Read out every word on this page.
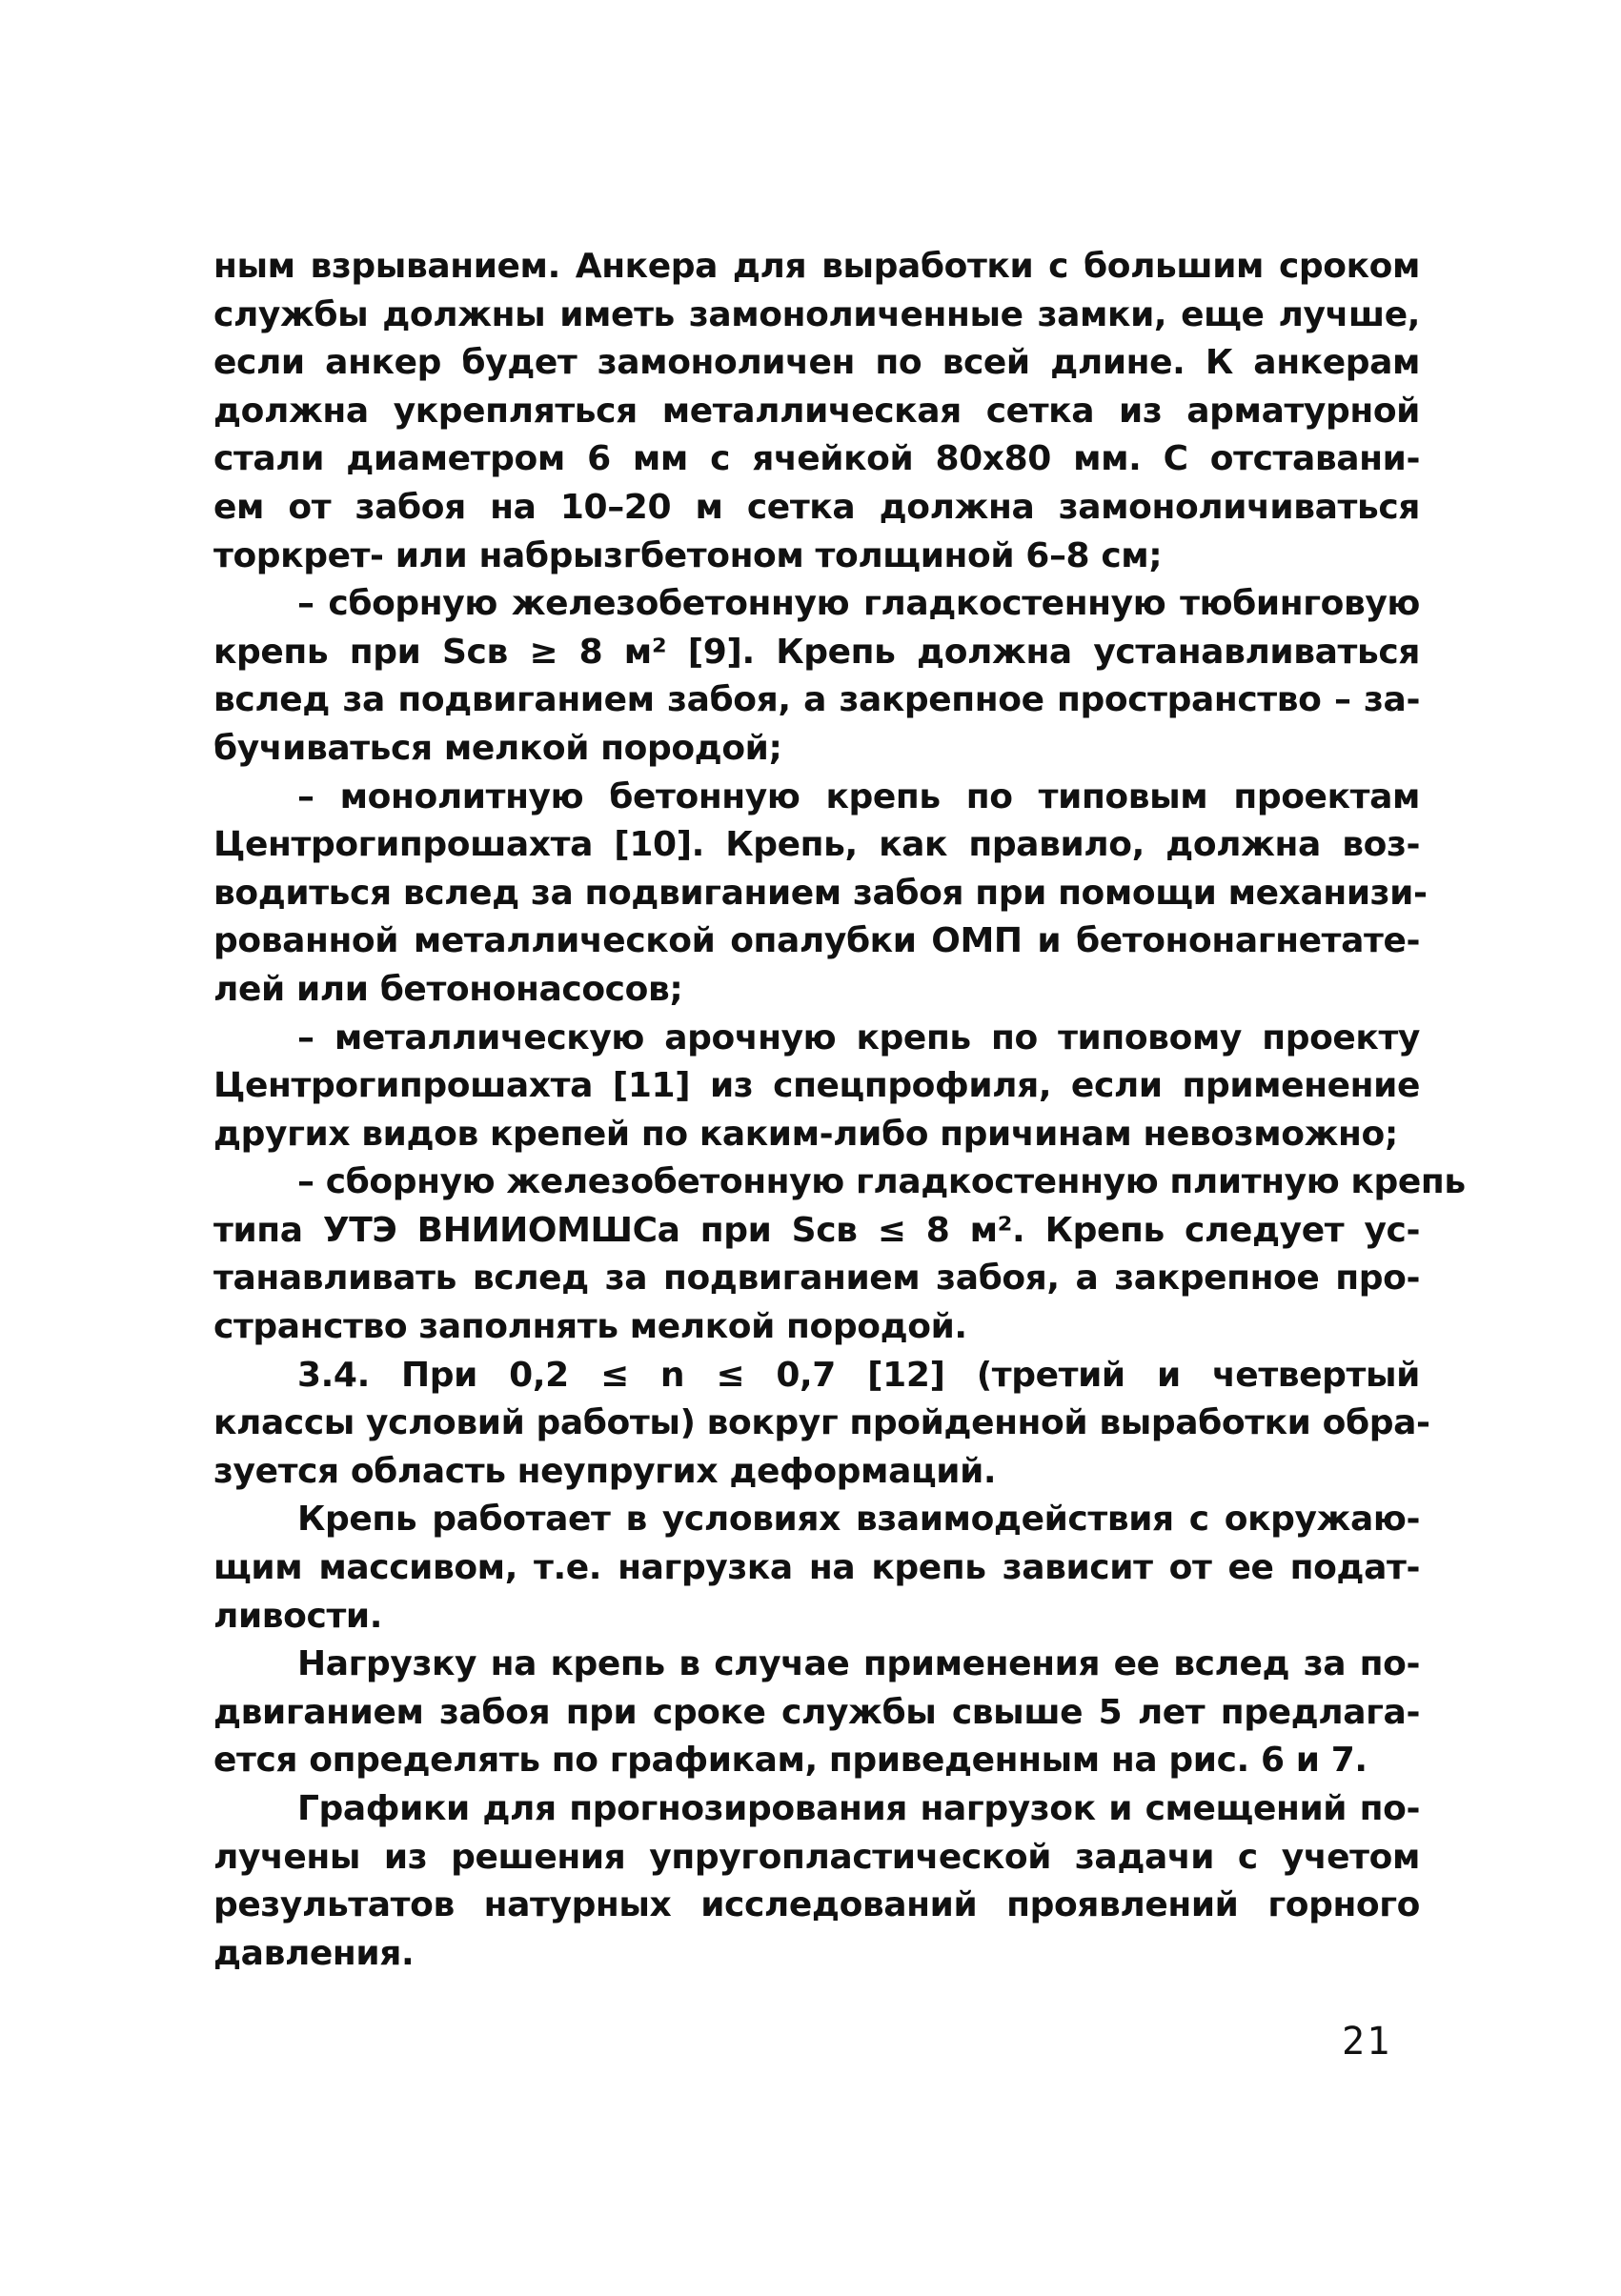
ным взрыванием. Анкера для выработки с большим сроком
службы должны иметь замоноличенные замки, еще лучше,
если анкер будет замоноличен по всей длине. К анкерам
должна укрепляться металлическая сетка из арматурной
стали диаметром 6 мм с ячейкой 80х80 мм. С отставани-
ем от забоя на 10–20 м сетка должна замоноличиваться
торкрет- или набрызгбетоном толщиной 6–8 см;
– сборную железобетонную гладкостенную тюбинговую
крепь при Sсв ≥ 8 м² [9]. Крепь должна устанавливаться
вслед за подвиганием забоя, а закрепное пространство – за-
бучиваться мелкой породой;
– монолитную бетонную крепь по типовым проектам
Центрогипрошахта [10]. Крепь, как правило, должна воз-
водиться вслед за подвиганием забоя при помощи механизи-
рованной металлической опалубки ОМП и бетононагнетате-
лей или бетононасосов;
– металлическую арочную крепь по типовому проекту
Центрогипрошахта [11] из спецпрофиля, если применение
других видов крепей по каким-либо причинам невозможно;
– сборную железобетонную гладкостенную плитную крепь
типа УТЭ ВНИИОМШСа при Sсв ≤ 8 м². Крепь следует ус-
танавливать вслед за подвиганием забоя, а закрепное про-
странство заполнять мелкой породой.
3.4. При 0,2 ≤ n ≤ 0,7 [12] (третий и четвертый
классы условий работы) вокруг пройденной выработки обра-
зуется область неупругих деформаций.
Крепь работает в условиях взаимодействия с окружаю-
щим массивом, т.е. нагрузка на крепь зависит от ее подат-
ливости.
Нагрузку на крепь в случае применения ее вслед за по-
двиганием забоя при сроке службы свыше 5 лет предлага-
ется определять по графикам, приведенным на рис. 6 и 7.
Графики для прогнозирования нагрузок и смещений по-
лучены из решения упругопластической задачи с учетом
результатов натурных исследований проявлений горного
давления.
21
